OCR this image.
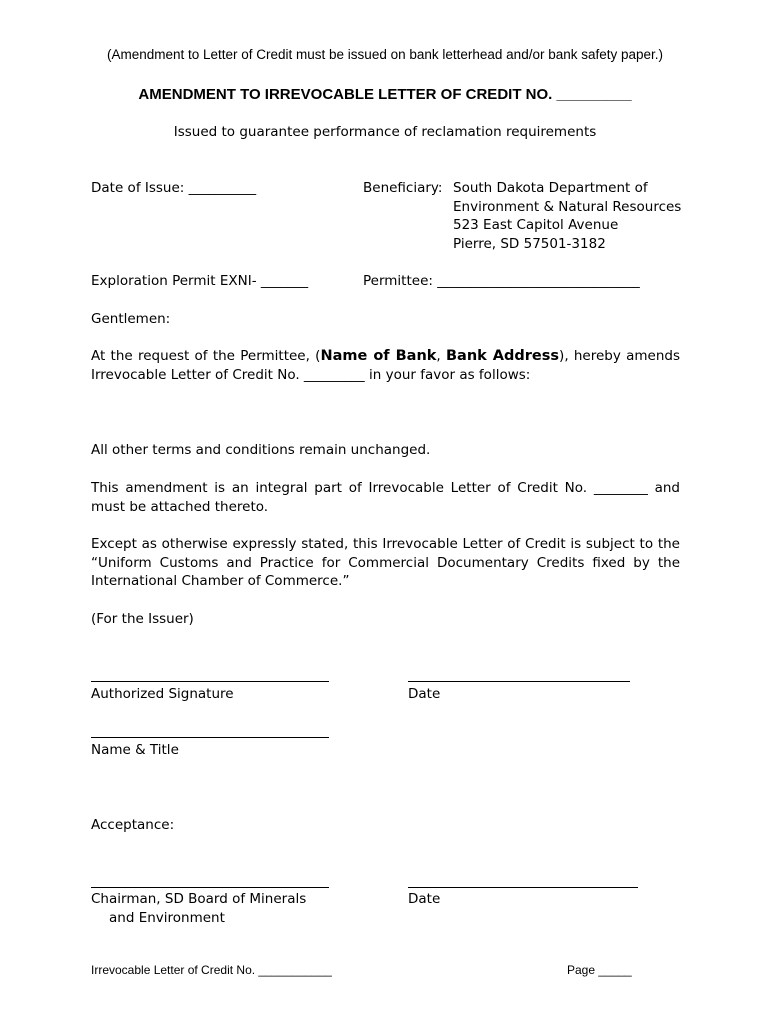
(Amendment to Letter of Credit must be issued on bank letterhead and/or bank safety paper.)
AMENDMENT TO IRREVOCABLE LETTER OF CREDIT NO. _________
Issued to guarantee performance of reclamation requirements
Date of Issue: __________	Beneficiary: South Dakota Department of
Environment & Natural Resources
523 East Capitol Avenue
Pierre, SD 57501-3182
Exploration Permit EXNI- _______	Permittee: ______________________________
Gentlemen:
At the request of the Permittee, (Name of Bank, Bank Address), hereby amends Irrevocable Letter of Credit No. _________ in your favor as follows:
All other terms and conditions remain unchanged.
This amendment is an integral part of Irrevocable Letter of Credit No. ________ and must be attached thereto.
Except as otherwise expressly stated, this Irrevocable Letter of Credit is subject to the “Uniform Customs and Practice for Commercial Documentary Credits fixed by the International Chamber of Commerce.”
(For the Issuer)
Authorized Signature	Date
Name & Title
Acceptance:
Chairman, SD Board of Minerals
and Environment
Date
Irrevocable Letter of Credit No. ___________	Page _____
